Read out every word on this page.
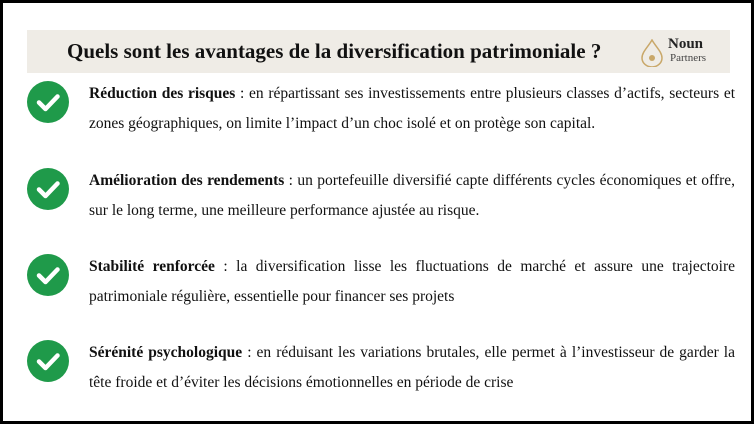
Quels sont les avantages de la diversification patrimoniale ?	Noun
Partners
Réduction des risques : en répartissant ses investissements entre plusieurs classes d’actifs, secteurs et zones géographiques, on limite l’impact d’un choc isolé et on protège son capital.
Amélioration des rendements : un portefeuille diversifié capte différents cycles économiques et offre, sur le long terme, une meilleure performance ajustée au risque.
Stabilité renforcée : la diversification lisse les fluctuations de marché et assure une trajectoire patrimoniale régulière, essentielle pour financer ses projets
Sérénité psychologique : en réduisant les variations brutales, elle permet à l’investisseur de garder la tête froide et d’éviter les décisions émotionnelles en période de crise
